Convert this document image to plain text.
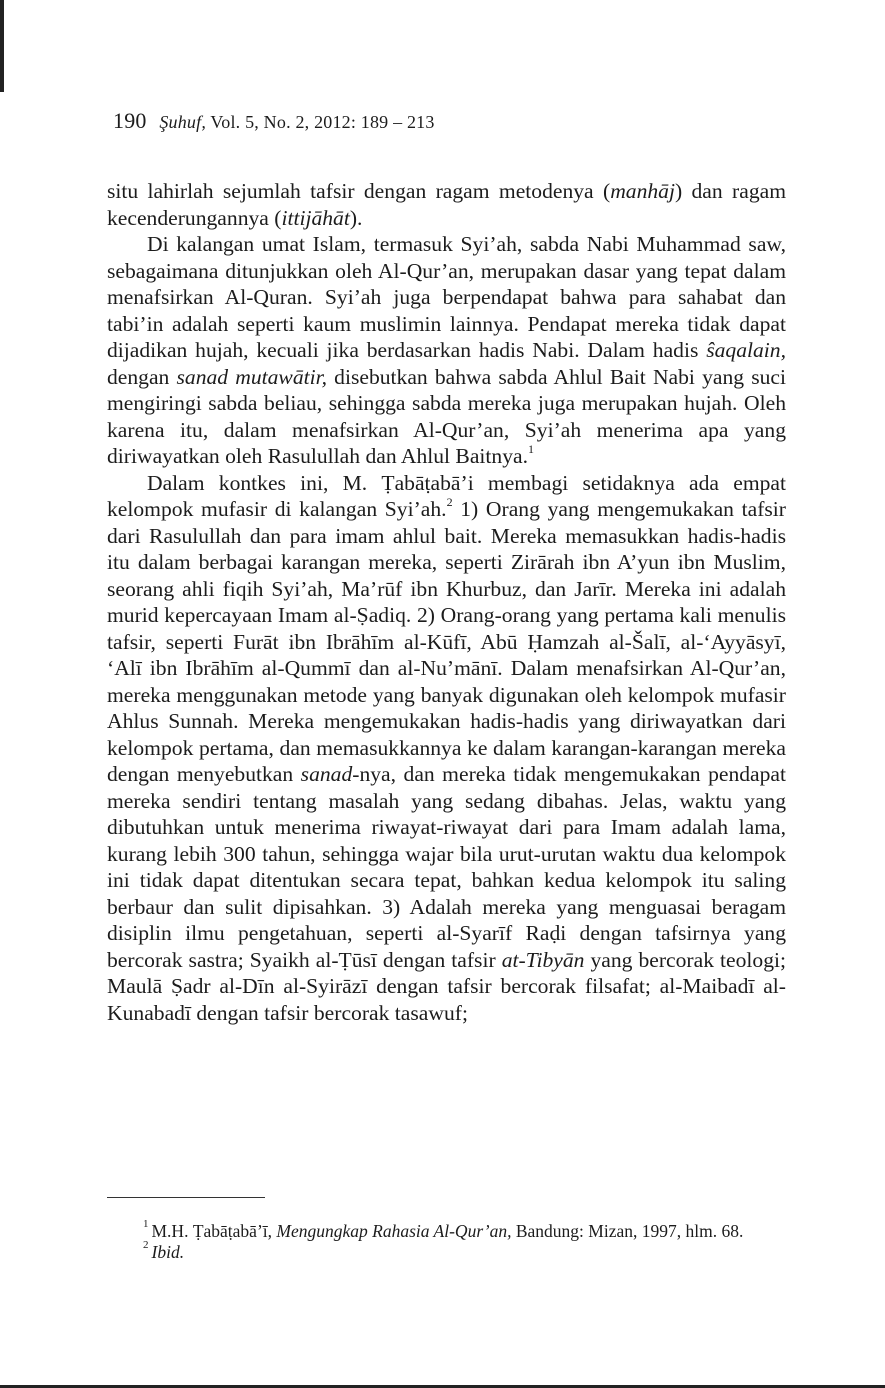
190 Şuhuf, Vol. 5, No. 2, 2012: 189 – 213

situ lahirlah sejumlah tafsir dengan ragam metodenya (manhāj) dan ragam kecenderungannya (ittijāhāt).

Di kalangan umat Islam, termasuk Syi’ah, sabda Nabi Muhammad saw, sebagaimana ditunjukkan oleh Al-Qur’an, merupakan dasar yang tepat dalam menafsirkan Al-Quran. Syi’ah juga berpendapat bahwa para sahabat dan tabi’in adalah seperti kaum muslimin lainnya. Pendapat mereka tidak dapat dijadikan hujah, kecuali jika berdasarkan hadis Nabi. Dalam hadis ŝaqalain, dengan sanad mutawātir, disebutkan bahwa sabda Ahlul Bait Nabi yang suci mengiringi sabda beliau, sehingga sabda mereka juga merupakan hujah. Oleh karena itu, dalam menafsirkan Al-Qur’an, Syi’ah menerima apa yang diriwayatkan oleh Rasulullah dan Ahlul Baitnya.$^1$

Dalam kontkes ini, M. Ṭabāṭabā’i membagi setidaknya ada empat kelompok mufasir di kalangan Syi’ah.$^2$ 1) Orang yang mengemukakan tafsir dari Rasulullah dan para imam ahlul bait. Mereka memasukkan hadis-hadis itu dalam berbagai karangan mereka, seperti Zirārah ibn A’yun ibn Muslim, seorang ahli fiqih Syi’ah, Ma’rūf ibn Khurbuz, dan Jarīr. Mereka ini adalah murid kepercayaan Imam al-Ṣadiq. 2) Orang-orang yang pertama kali menulis tafsir, seperti Furāt ibn Ibrāhīm al-Kūfī, Abū Ḥamzah al-Šalī, al-‘Ayyāsyī, ‘Alī ibn Ibrāhīm al-Qummī dan al-Nu’mānī. Dalam menafsirkan Al-Qur’an, mereka menggunakan metode yang banyak digunakan oleh kelompok mufasir Ahlus Sunnah. Mereka mengemukakan hadis-hadis yang diriwayatkan dari kelompok pertama, dan memasukkannya ke dalam karangan-karangan mereka dengan menyebutkan sanad-nya, dan mereka tidak mengemukakan pendapat mereka sendiri tentang masalah yang sedang dibahas. Jelas, waktu yang dibutuhkan untuk menerima riwayat-riwayat dari para Imam adalah lama, kurang lebih 300 tahun, sehingga wajar bila urut-urutan waktu dua kelompok ini tidak dapat ditentukan secara tepat, bahkan kedua kelompok itu saling berbaur dan sulit dipisahkan. 3) Adalah mereka yang menguasai beragam disiplin ilmu pengetahuan, seperti al-Syarīf Raḍi dengan tafsirnya yang bercorak sastra; Syaikh al-Ṭūsī dengan tafsir at-Tibyān yang bercorak teologi; Maulā Ṣadr al-Dīn al-Syirāzī dengan tafsir bercorak filsafat; al-Maibadī al-Kunabadī dengan tafsir bercorak tasawuf;

$^1$ M.H. Ṭabāṭabā’ī, Mengungkap Rahasia Al-Qur’an, Bandung: Mizan, 1997, hlm. 68.

$^2$ Ibid.
